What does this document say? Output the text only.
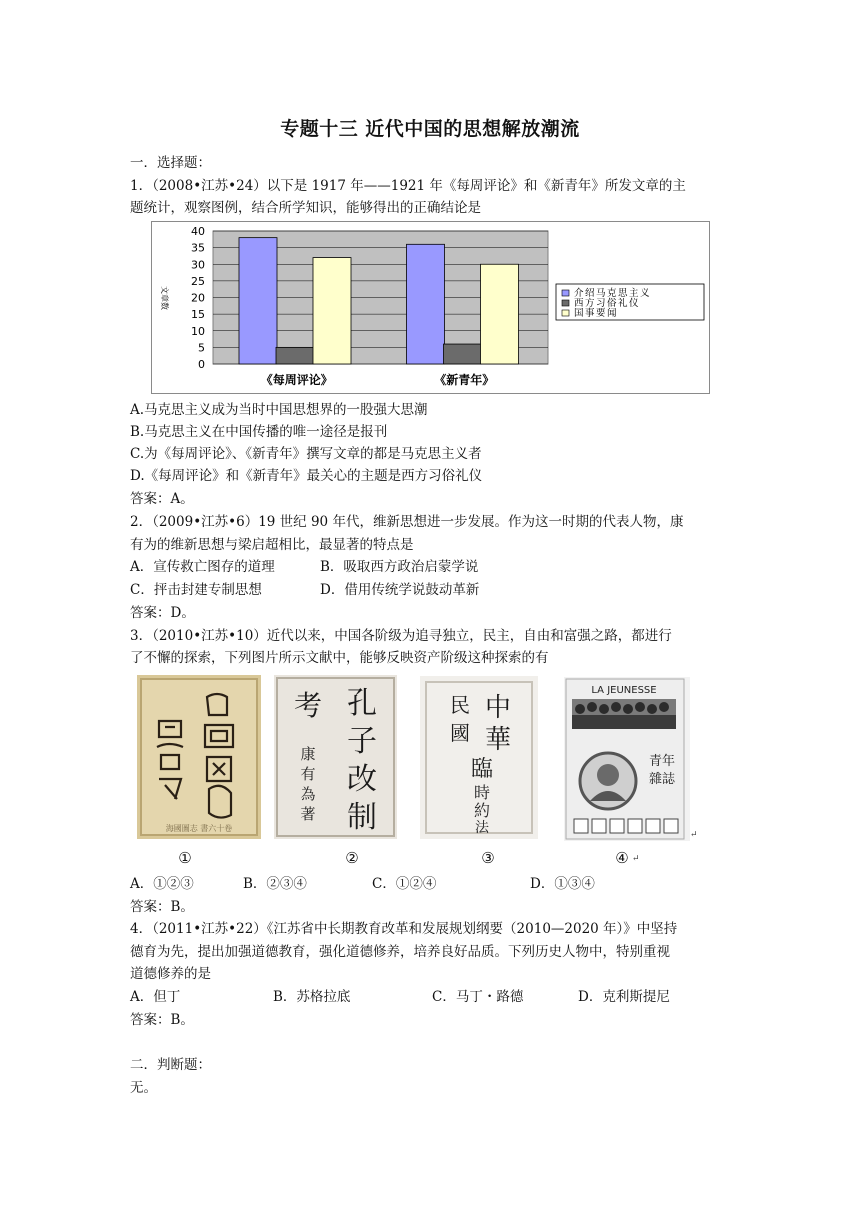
专题十三 近代中国的思想解放潮流
一．选择题：
1．（2008•江苏•24）以下是 1917 年——1921 年《每周评论》和《新青年》所发文章的主
题统计，观察图例，结合所学知识，能够得出的正确结论是
0
5
10
15
20
25
30
35
40
文章数
《每周评论》	《新青年》
介绍马克思主义
西方习俗礼仪
国事要闻
A.马克思主义成为当时中国思想界的一股强大思潮
B.马克思主义在中国传播的唯一途径是报刊
C.为《每周评论》、《新青年》撰写文章的都是马克思主义者
D.《每周评论》和《新青年》最关心的主题是西方习俗礼仪
答案：A。
2．（2009•江苏•6）19 世纪 90 年代，维新思想进一步发展。作为这一时期的代表人物，康
有为的维新思想与梁启超相比，最显著的特点是
A．宣传救亡图存的道理	B．吸取西方政治启蒙学说
C．抨击封建专制思想	D．借用传统学说鼓动革新
答案：D。
3．（2010•江苏•10）近代以来，中国各阶级为追寻独立，民主，自由和富强之路，都进行
了不懈的探索，下列图片所示文献中，能够反映资产阶级这种探索的有
海國圖志 書六十卷
①
孔
子
改
制
考
康
有
為
著
②
中
華
民
國
臨
時
約
法
③
LA JEUNESSE
青年
雜誌
↵
④ ↵
A．①②③	B．②③④	C．①②④	D．①③④
答案：B。
4．（2011•江苏•22）《江苏省中长期教育改革和发展规划纲要（2010—2020 年）》中坚持
德育为先，提出加强道德教育，强化道德修养，培养良好品质。下列历史人物中，特别重视
道德修养的是
A．但丁	B．苏格拉底	C．马丁・路德	D．克利斯提尼
答案：B。
二．判断题：
无。
